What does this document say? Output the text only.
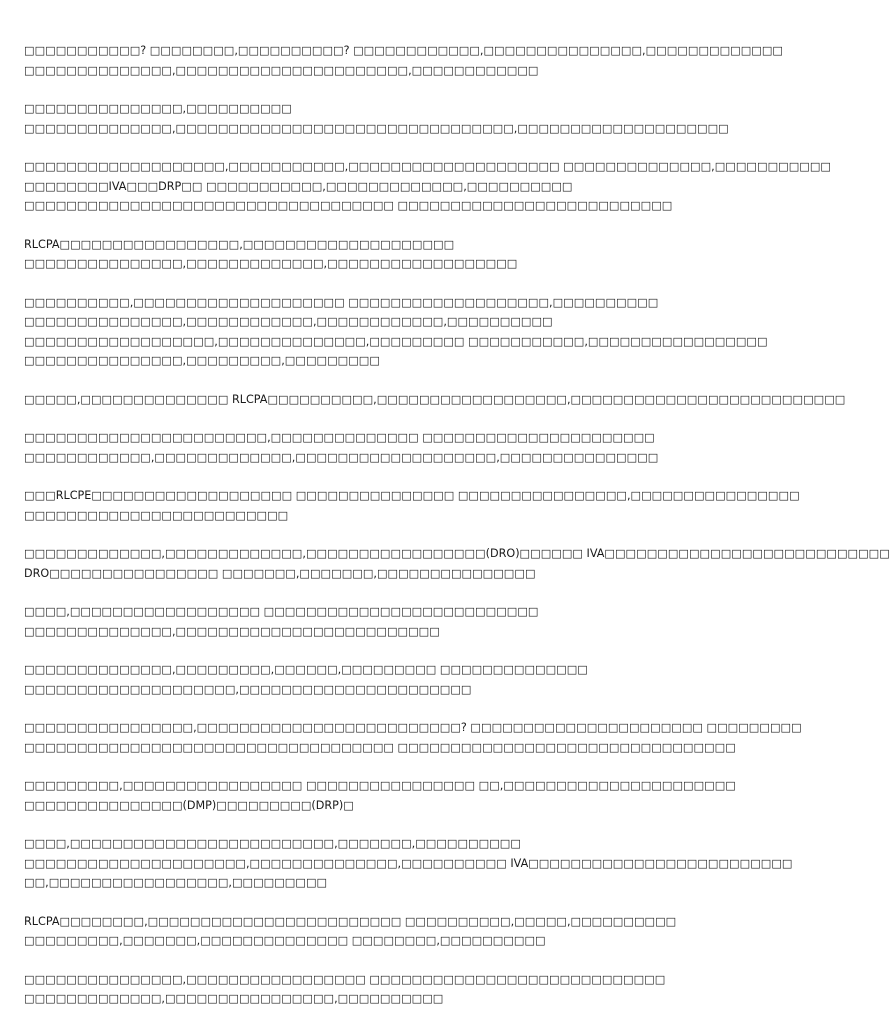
□□□□□□□□□□□? □□□□□□□□,□□□□□□□□□□? □□□□□□□□□□□□,□□□□□□□□□□□□□□□,□□□□□□□□□□□□□
□□□□□□□□□□□□□□,□□□□□□□□□□□□□□□□□□□□□□,□□□□□□□□□□□□
□□□□□□□□□□□□□□□,□□□□□□□□□□
□□□□□□□□□□□□□□,□□□□□□□□□□□□□□□□□□□□□□□□□□□□□□□□,□□□□□□□□□□□□□□□□□□□□
□□□□□□□□□□□□□□□□□□□,□□□□□□□□□□□,□□□□□□□□□□□□□□□□□□□□ □□□□□□□□□□□□□□,□□□□□□□□□□□
□□□□□□□□IVA□□□DRP□□ □□□□□□□□□□□,□□□□□□□□□□□□□,□□□□□□□□□□
□□□□□□□□□□□□□□□□□□□□□□□□□□□□□□□□□□□ □□□□□□□□□□□□□□□□□□□□□□□□□□
RLCPA□□□□□□□□□□□□□□□□□,□□□□□□□□□□□□□□□□□□□□
□□□□□□□□□□□□□□□,□□□□□□□□□□□□□,□□□□□□□□□□□□□□□□□□
□□□□□□□□□□,□□□□□□□□□□□□□□□□□□□□ □□□□□□□□□□□□□□□□□□□,□□□□□□□□□□
□□□□□□□□□□□□□□□,□□□□□□□□□□□□,□□□□□□□□□□□□,□□□□□□□□□□
□□□□□□□□□□□□□□□□□□,□□□□□□□□□□□□□□,□□□□□□□□□ □□□□□□□□□□□,□□□□□□□□□□□□□□□□□
□□□□□□□□□□□□□□□,□□□□□□□□□,□□□□□□□□□
□□□□□,□□□□□□□□□□□□□□ RLCPA□□□□□□□□□□,□□□□□□□□□□□□□□□□□□,□□□□□□□□□□□□□□□□□□□□□□□□□□
□□□□□□□□□□□□□□□□□□□□□□□,□□□□□□□□□□□□□□ □□□□□□□□□□□□□□□□□□□□□□
□□□□□□□□□□□□,□□□□□□□□□□□□□,□□□□□□□□□□□□□□□□□□□,□□□□□□□□□□□□□□□
□□□RLCPE□□□□□□□□□□□□□□□□□□□ □□□□□□□□□□□□□□□ □□□□□□□□□□□□□□□□,□□□□□□□□□□□□□□□□
□□□□□□□□□□□□□□□□□□□□□□□□□
□□□□□□□□□□□□□,□□□□□□□□□□□□□,□□□□□□□□□□□□□□□□□(DRO)□□□□□□ IVA□□□□□□□□□□□□□□□□□□□□□□□□□□□
DRO□□□□□□□□□□□□□□□□ □□□□□□□,□□□□□□□,□□□□□□□□□□□□□□□
□□□□,□□□□□□□□□□□□□□□□□□ □□□□□□□□□□□□□□□□□□□□□□□□□□
□□□□□□□□□□□□□□,□□□□□□□□□□□□□□□□□□□□□□□□□
□□□□□□□□□□□□□□,□□□□□□□□□,□□□□□□,□□□□□□□□□ □□□□□□□□□□□□□□
□□□□□□□□□□□□□□□□□□□□,□□□□□□□□□□□□□□□□□□□□□□
□□□□□□□□□□□□□□□□,□□□□□□□□□□□□□□□□□□□□□□□□□? □□□□□□□□□□□□□□□□□□□□□□ □□□□□□□□□
□□□□□□□□□□□□□□□□□□□□□□□□□□□□□□□□□□□ □□□□□□□□□□□□□□□□□□□□□□□□□□□□□□□□
□□□□□□□□□,□□□□□□□□□□□□□□□□□ □□□□□□□□□□□□□□□□ □□,□□□□□□□□□□□□□□□□□□□□□□
□□□□□□□□□□□□□□□(DMP)□□□□□□□□□(DRP)□
□□□□,□□□□□□□□□□□□□□□□□□□□□□□□□,□□□□□□□,□□□□□□□□□□
□□□□□□□□□□□□□□□□□□□□□,□□□□□□□□□□□□□□,□□□□□□□□□□ IVA□□□□□□□□□□□□□□□□□□□□□□□□□
□□,□□□□□□□□□□□□□□□□□,□□□□□□□□□
RLCPA□□□□□□□□,□□□□□□□□□□□□□□□□□□□□□□□□ □□□□□□□□□□,□□□□□,□□□□□□□□□□
□□□□□□□□□,□□□□□□□,□□□□□□□□□□□□□□ □□□□□□□□,□□□□□□□□□□
□□□□□□□□□□□□□□□,□□□□□□□□□□□□□□□□□ □□□□□□□□□□□□□□□□□□□□□□□□□□□□
□□□□□□□□□□□□□,□□□□□□□□□□□□□□□□,□□□□□□□□□□
